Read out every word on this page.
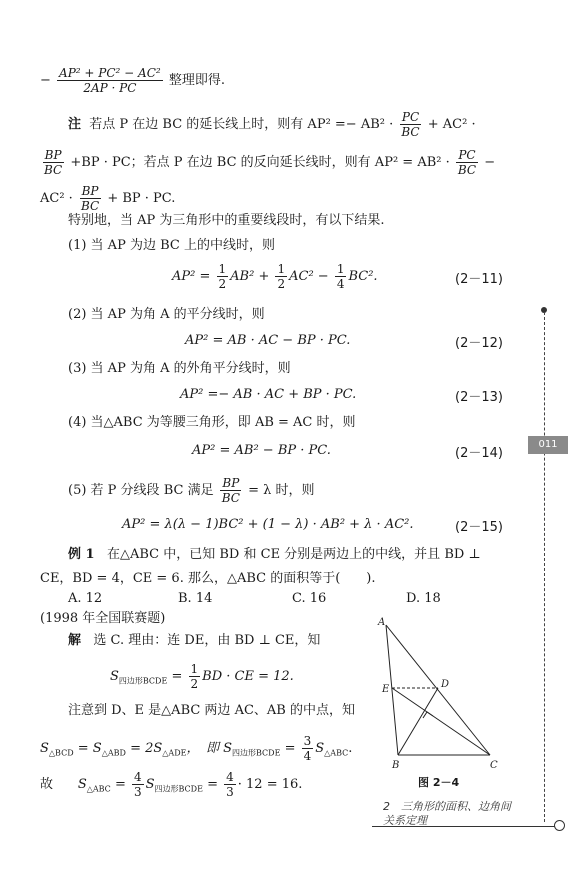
− $\frac{\text{AP² + PC² − AC²}}{2AP \cdot PC}$ 整理即得.
注 若点 P 在边 BC 的延长线上时，则有 $AP^2 =- AB^2 \cdot \frac{PC}{BC} + AC^2$ ·
$\frac{BP}{BC} +BP$ · PC；若点 P 在边 BC 的反向延长线时，则有 $AP^2 = AB^2 \cdot \frac{PC}{BC}$ −
$AC^2 \cdot \frac{BP}{BC}$ + BP · PC.
特别地，当 AP 为三角形中的重要线段时，有以下结果.
(1) 当 AP 为边 BC 上的中线时，则
$AP^2 = \frac{1}{2} AB^2 + \frac{1}{2} AC^2 - \frac{1}{4} BC^2$.	(2－11)
(2) 当 AP 为角 A 的平分线时，则
AP² = AB · AC − BP · PC.	(2－12)
(3) 当 AP 为角 A 的外角平分线时，则
AP² =− AB · AC + BP · PC.	(2－13)
(4) 当△ABC 为等腰三角形，即 AB = AC 时，则
AP² = AB² − BP · PC.	(2－14)
(5) 若 P 分线段 BC 满足 $\frac{BP}{BC} = \lambda$ 时，则
AP² = λ(λ − 1)BC² + (1 − λ) · AB² + λ · AC².	(2－15)
例 1 在△ABC 中，已知 BD 和 CE 分别是两边上的中线，并且 BD ⊥
CE，BD = 4，CE = 6. 那么，△ABC 的面积等于(　　).
A. 12	B. 14	C. 16	D. 18
(1998 年全国联赛题)
解 选 C. 理由：连 DE，由 BD ⊥ CE，知
$S_{四边形BCDE} = \frac{1}{2}$ BD · CE = 12.
注意到 D、E 是△ABC 两边 AC、AB 的中点，知
$S_{\triangle BCD} = S_{\triangle ABD} = 2S_{\triangle ADE}$，　即 $S_{四边形BCDE} = \frac{3}{4} S_{\triangle ABC}$.
故 $S_{\triangle ABC} = \frac{4}{3} S_{四边形BCDE} = \frac{4}{3} \cdot 12 = 16$.
A
B	C
D
E
图 2－4
011
2　三角形的面积、边角间
关系定理
